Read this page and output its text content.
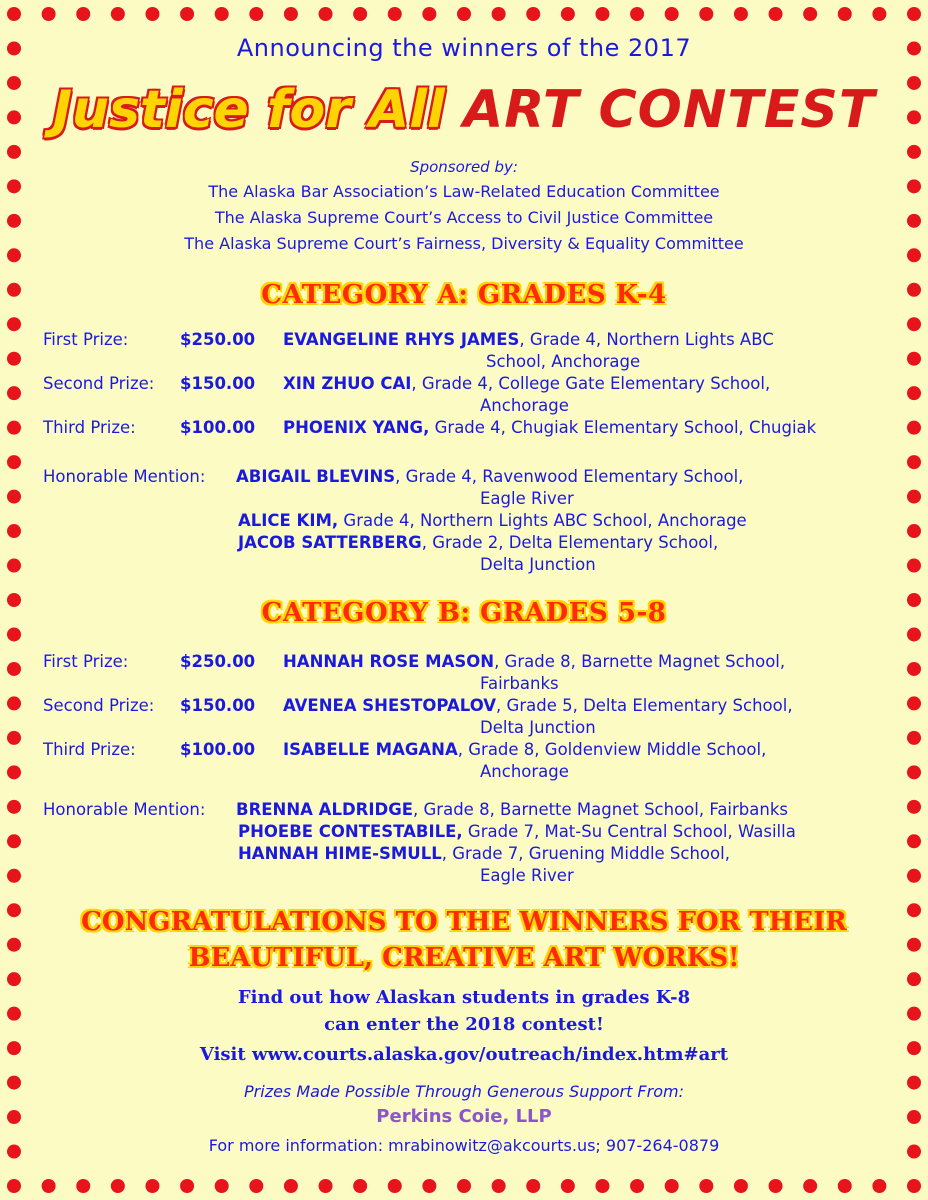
Announcing the winners of the 2017
Justice for All ART CONTEST
Sponsored by:
The Alaska Bar Association’s Law-Related Education Committee
The Alaska Supreme Court’s Access to Civil Justice Committee
The Alaska Supreme Court’s Fairness, Diversity & Equality Committee
CATEGORY A: GRADES K-4
First Prize:	$250.00 EVANGELINE RHYS JAMES, Grade 4, Northern Lights ABC
School, Anchorage
Second Prize: $150.00 XIN ZHUO CAI, Grade 4, College Gate Elementary School,
Anchorage
Third Prize:	$100.00 PHOENIX YANG, Grade 4, Chugiak Elementary School, Chugiak
Honorable Mention: ABIGAIL BLEVINS, Grade 4, Ravenwood Elementary School,
Eagle River
ALICE KIM, Grade 4, Northern Lights ABC School, Anchorage
JACOB SATTERBERG, Grade 2, Delta Elementary School,
Delta Junction
CATEGORY B: GRADES 5-8
First Prize:	$250.00 HANNAH ROSE MASON, Grade 8, Barnette Magnet School,
Fairbanks
Second Prize: $150.00 AVENEA SHESTOPALOV, Grade 5, Delta Elementary School,
Delta Junction
Third Prize:	$100.00 ISABELLE MAGANA, Grade 8, Goldenview Middle School,
Anchorage
Honorable Mention: BRENNA ALDRIDGE, Grade 8, Barnette Magnet School, Fairbanks
PHOEBE CONTESTABILE, Grade 7, Mat-Su Central School, Wasilla
HANNAH HIME-SMULL, Grade 7, Gruening Middle School,
Eagle River
CONGRATULATIONS TO THE WINNERS FOR THEIR
BEAUTIFUL, CREATIVE ART WORKS!
Find out how Alaskan students in grades K-8
can enter the 2018 contest!
Visit www.courts.alaska.gov/outreach/index.htm#art
Prizes Made Possible Through Generous Support From:
Perkins Coie, LLP
For more information: mrabinowitz@akcourts.us; 907-264-0879
